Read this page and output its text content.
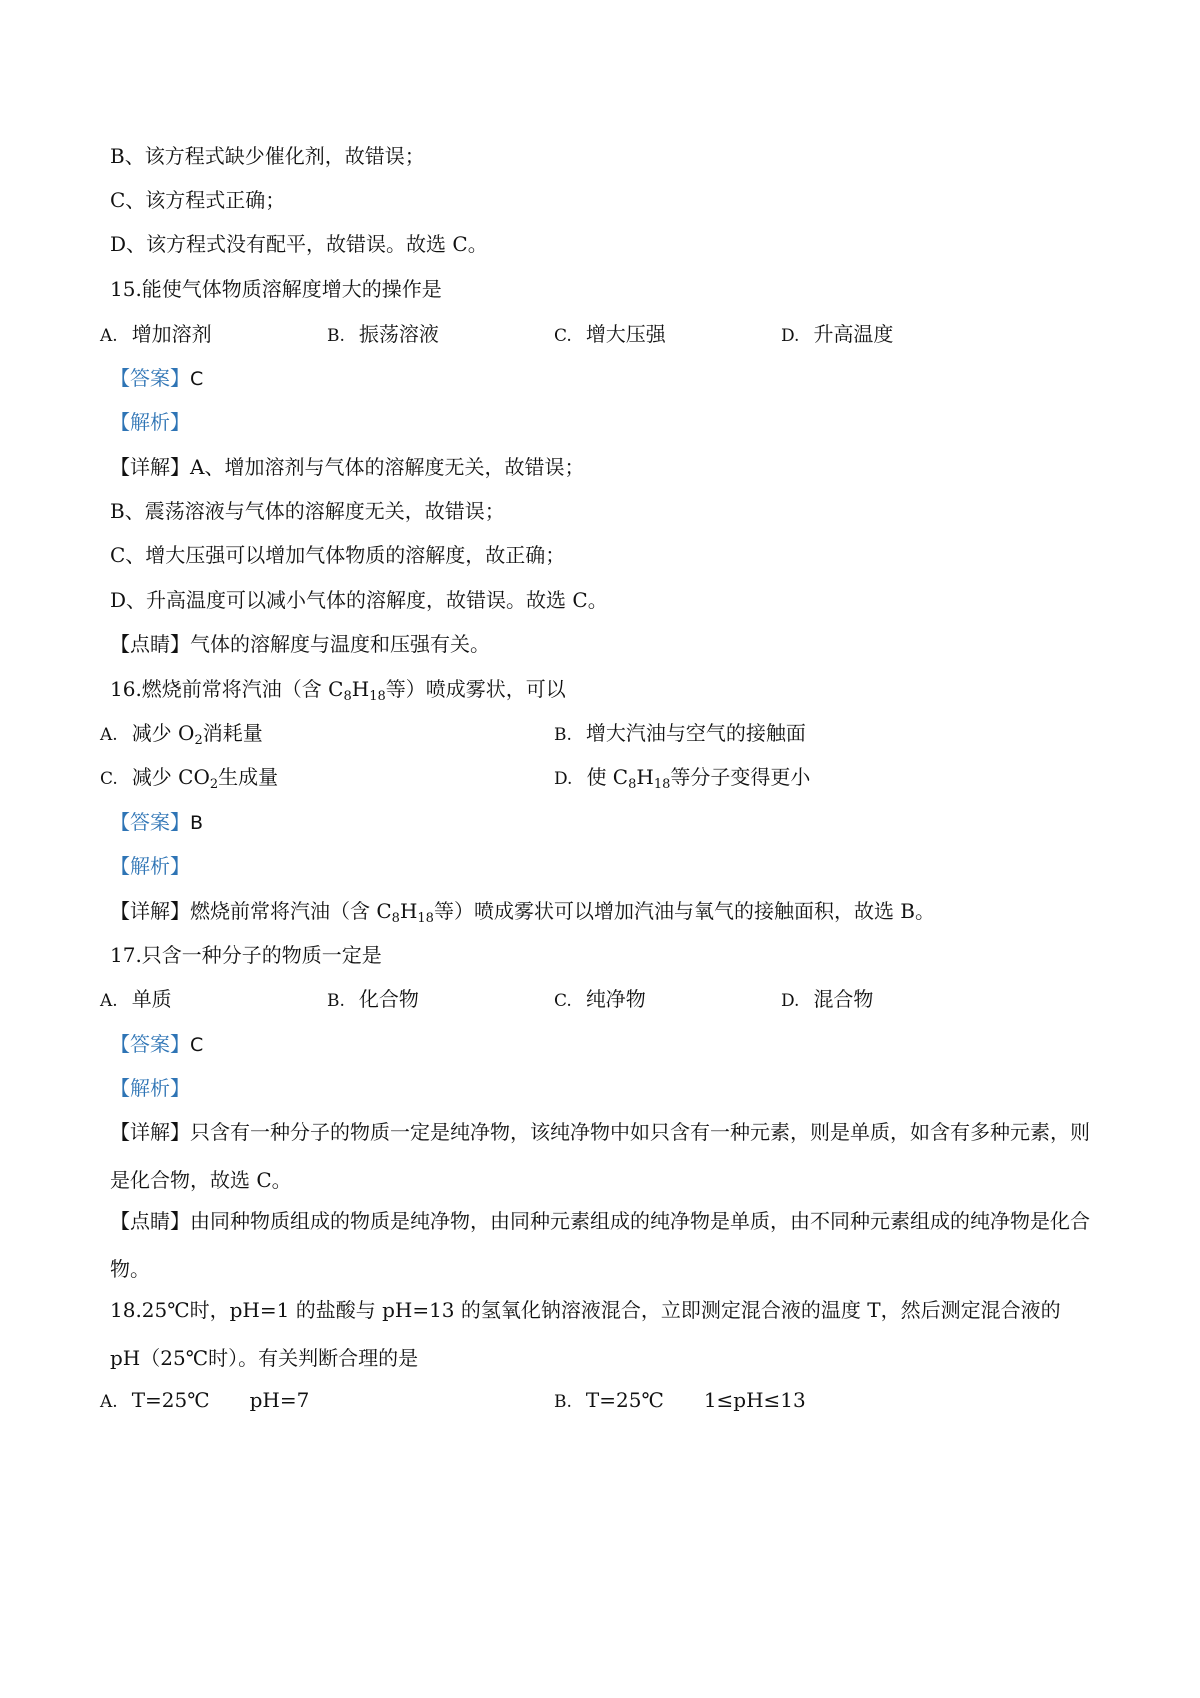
B、该方程式缺少催化剂，故错误；
C、该方程式正确；
D、该方程式没有配平，故错误。故选 C。
15.能使气体物质溶解度增大的操作是
A. 增加溶剂	B. 振荡溶液	C. 增大压强	D. 升高温度
【答案】C
【解析】
【详解】A、增加溶剂与气体的溶解度无关，故错误；
B、震荡溶液与气体的溶解度无关，故错误；
C、增大压强可以增加气体物质的溶解度，故正确；
D、升高温度可以减小气体的溶解度，故错误。故选 C。
【点睛】气体的溶解度与温度和压强有关。
16.燃烧前常将汽油（含 $C_8H_{18}$等）喷成雾状，可以
A. 减少 $O_2$消耗量	B. 增大汽油与空气的接触面
C. 减少 $CO_2$生成量	D. 使 $C_8H_{18}$等分子变得更小
【答案】B
【解析】
【详解】燃烧前常将汽油（含 $C_8H_{18}$等）喷成雾状可以增加汽油与氧气的接触面积，故选 B。
17.只含一种分子的物质一定是
A. 单质	B. 化合物	C. 纯净物	D. 混合物
【答案】C
【解析】
【详解】只含有一种分子的物质一定是纯净物，该纯净物中如只含有一种元素，则是单质，如含有多种元素，则是化合物，故选 C。
【点睛】由同种物质组成的物质是纯净物，由同种元素组成的纯净物是单质，由不同种元素组成的纯净物是化合物。
18.25℃时，pH=1 的盐酸与 pH=13 的氢氧化钠溶液混合，立即测定混合液的温度 T，然后测定混合液的 pH（25℃时）。有关判断合理的是
A. T=25℃　　pH=7	B. T=25℃　　1≤pH≤13
